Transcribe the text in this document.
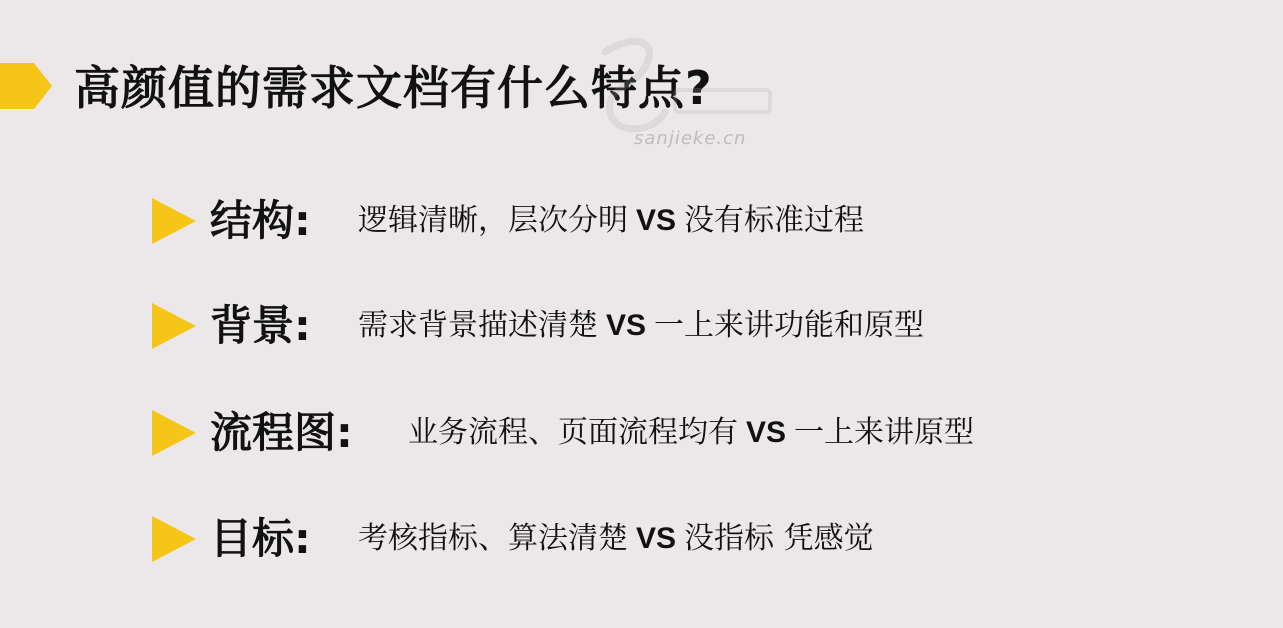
高颜值的需求文档有什么特点?
sanjieke.cn
结构: 逻辑清晰，层次分明 VS 没有标准过程
背景: 需求背景描述清楚 VS 一上来讲功能和原型
流程图: 业务流程、页面流程均有 VS 一上来讲原型
目标: 考核指标、算法清楚 VS 没指标 凭感觉
